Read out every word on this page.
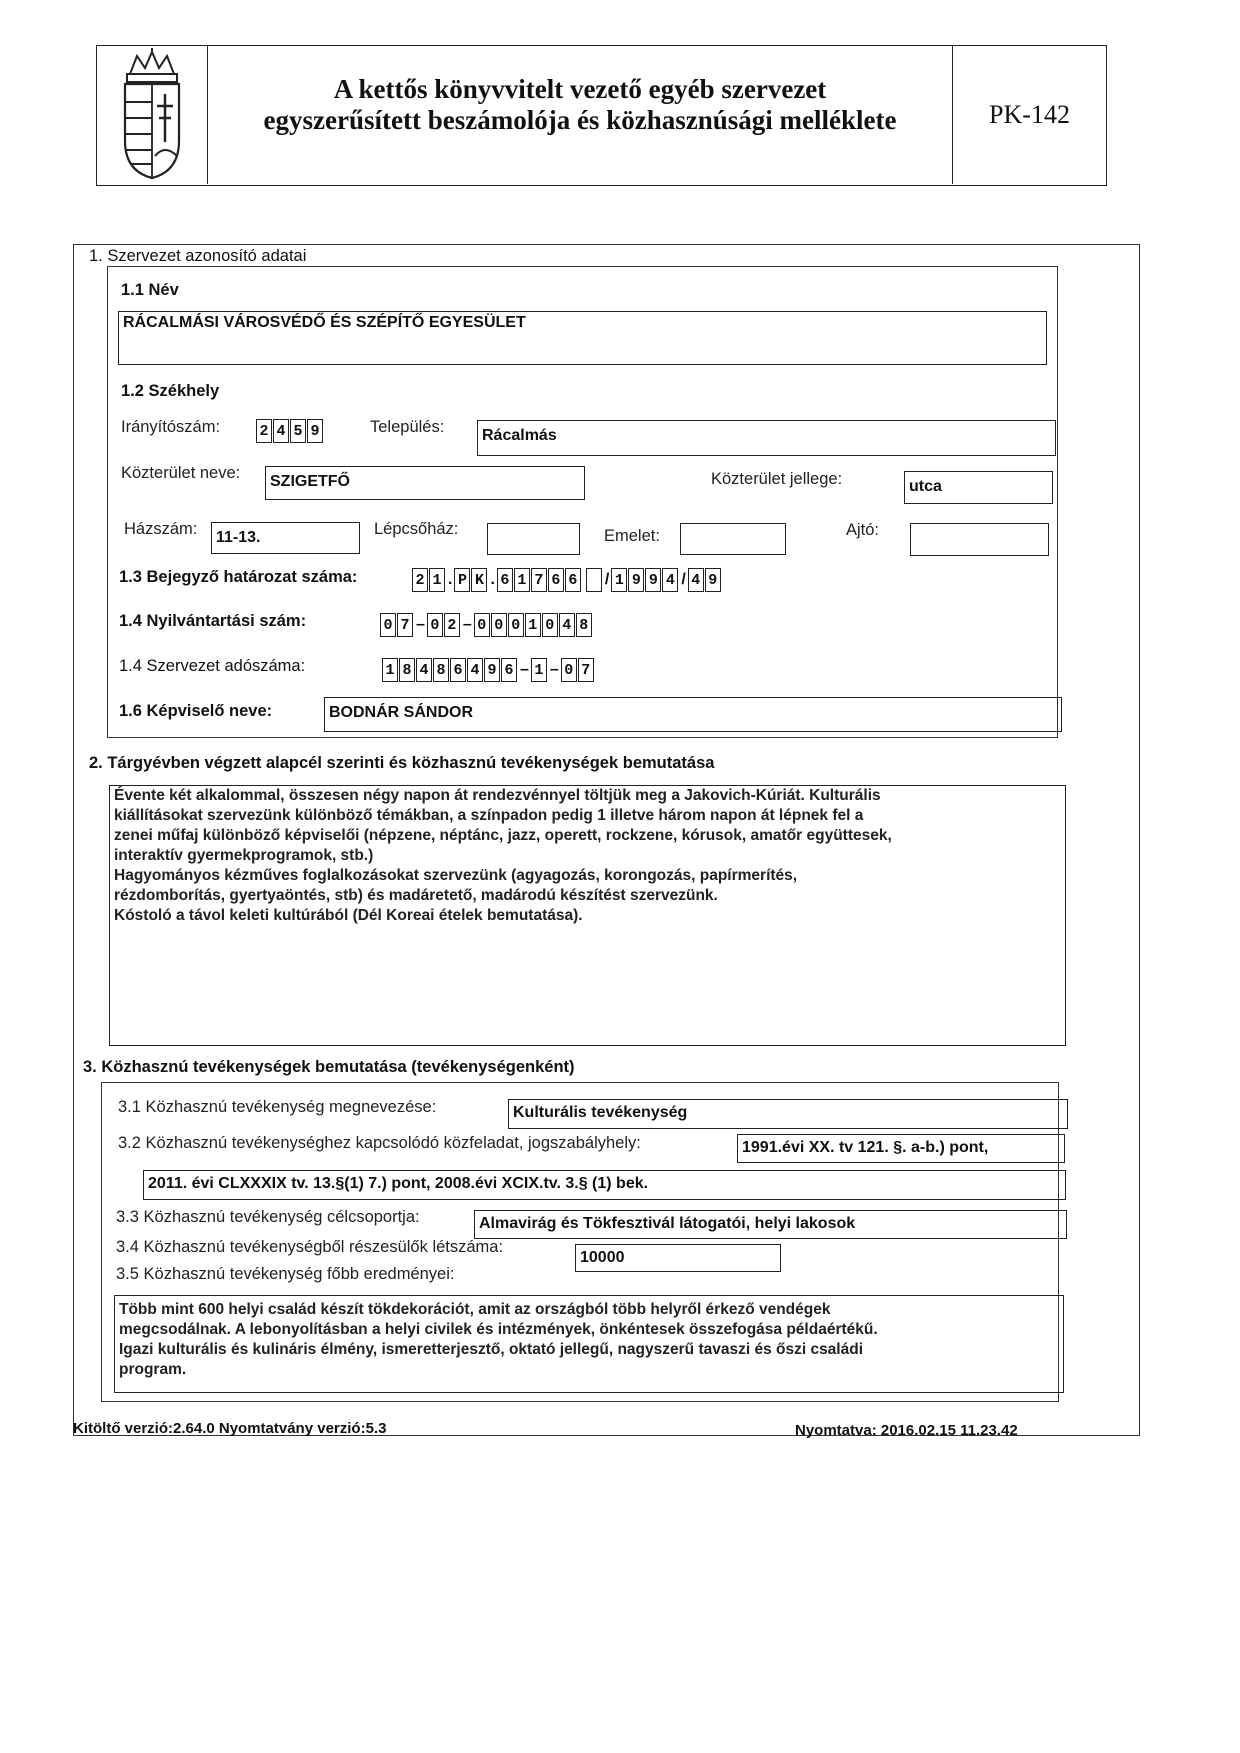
A kettős könyvvitelt vezető egyéb szervezet
egyszerűsített beszámolója és közhasznúsági melléklete	PK-142
1. Szervezet azonosító adatai
1.1 Név
RÁCALMÁSI VÁROSVÉDŐ ÉS SZÉPÍTŐ EGYESÜLET
1.2 Székhely
Irányítószám:	2 4 5 9	Település:	Rácalmás
Közterület neve:	SZIGETFŐ	Közterület jellege:	utca
Házszám:	11-13.	Lépcsőház:	Emelet:	Ajtó:
1.3 Bejegyző határozat száma:	2 1 . P K . 6 1 7 6 6 / 1 9 9 4 / 4 9
1.4 Nyilvántartási szám:	0 7 – 0 2 – 0 0 0 1 0 4 8
1.4 Szervezet adószáma:	1 8 4 8 6 4 9 6 – 1 – 0 7
1.6 Képviselő neve:	BODNÁR SÁNDOR
2. Tárgyévben végzett alapcél szerinti és közhasznú tevékenységek bemutatása
Évente két alkalommal, összesen négy napon át rendezvénnyel töltjük meg a Jakovich-Kúriát. Kulturális
kiállításokat szervezünk különböző témákban, a színpadon pedig 1 illetve három napon át lépnek fel a
zenei műfaj különböző képviselői (népzene, néptánc, jazz, operett, rockzene, kórusok, amatőr együttesek,
interaktív gyermekprogramok, stb.)
Hagyományos kézműves foglalkozásokat szervezünk (agyagozás, korongozás, papírmerítés,
rézdomborítás, gyertyaöntés, stb) és madáretető, madárodú készítést szervezünk.
Kóstoló a távol keleti kultúrából (Dél Koreai ételek bemutatása).
3. Közhasznú tevékenységek bemutatása (tevékenységenként)
3.1 Közhasznú tevékenység megnevezése:	Kulturális tevékenység
3.2 Közhasznú tevékenységhez kapcsolódó közfeladat, jogszabályhely:	1991.évi XX. tv 121. §. a-b.) pont,
2011. évi CLXXXIX tv. 13.§(1) 7.) pont, 2008.évi XCIX.tv. 3.§ (1) bek.
3.3 Közhasznú tevékenység célcsoportja:	Almavirág és Tökfesztivál látogatói, helyi lakosok
3.4 Közhasznú tevékenységből részesülők létszáma:
10000
3.5 Közhasznú tevékenység főbb eredményei:
Több mint 600 helyi család készít tökdekorációt, amit az országból több helyről érkező vendégek
megcsodálnak. A lebonyolításban a helyi civilek és intézmények, önkéntesek összefogása példaértékű.
Igazi kulturális és kulináris élmény, ismeretterjesztő, oktató jellegű, nagyszerű tavaszi és őszi családi
program.
Kitöltő verzió:2.64.0 Nyomtatvány verzió:5.3	Nyomtatva: 2016.02.15 11.23.42
